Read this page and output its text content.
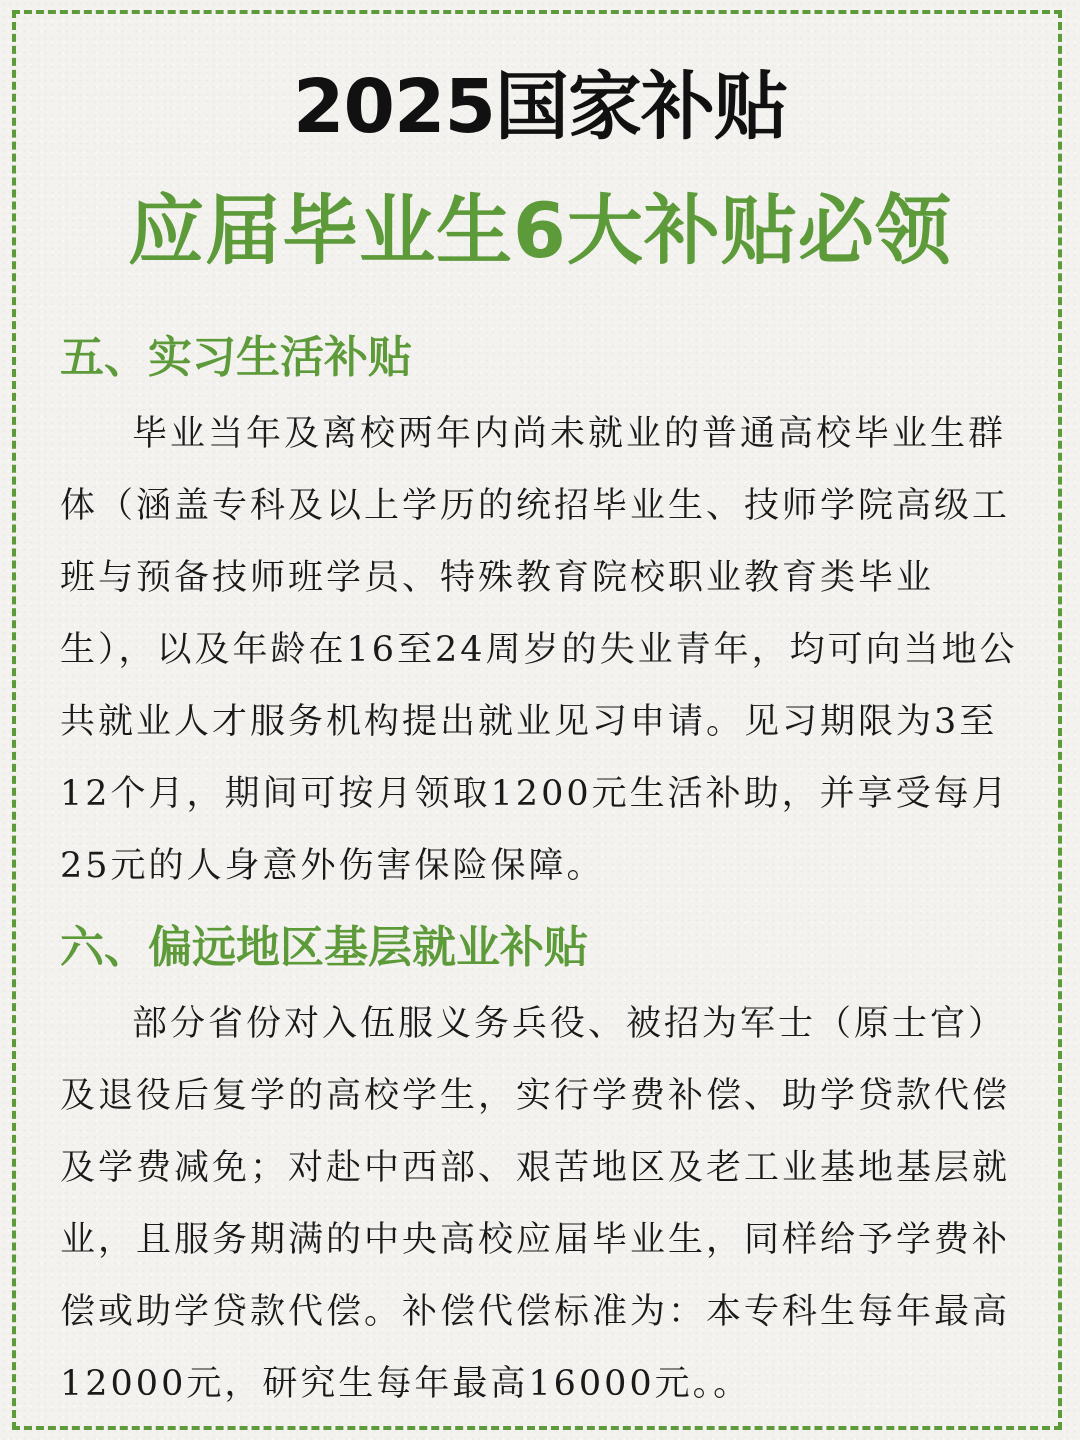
2025国家补贴
应届毕业生6大补贴必领
五、实习生活补贴

毕业当年及离校两年内尚未就业的普通高校毕业生群体（涵盖专科及以上学历的统招毕业生、技师学院高级工班与预备技师班学员、特殊教育院校职业教育类毕业生），以及年龄在16至24周岁的失业青年，均可向当地公共就业人才服务机构提出就业见习申请。见习期限为3至12个月，期间可按月领取1200元生活补助，并享受每月25元的人身意外伤害保险保障。

六、偏远地区基层就业补贴

部分省份对入伍服义务兵役、被招为军士（原士官）及退役后复学的高校学生，实行学费补偿、助学贷款代偿及学费减免；对赴中西部、艰苦地区及老工业基地基层就业，且服务期满的中央高校应届毕业生，同样给予学费补偿或助学贷款代偿。补偿代偿标准为：本专科生每年最高12000元，研究生每年最高16000元。。
